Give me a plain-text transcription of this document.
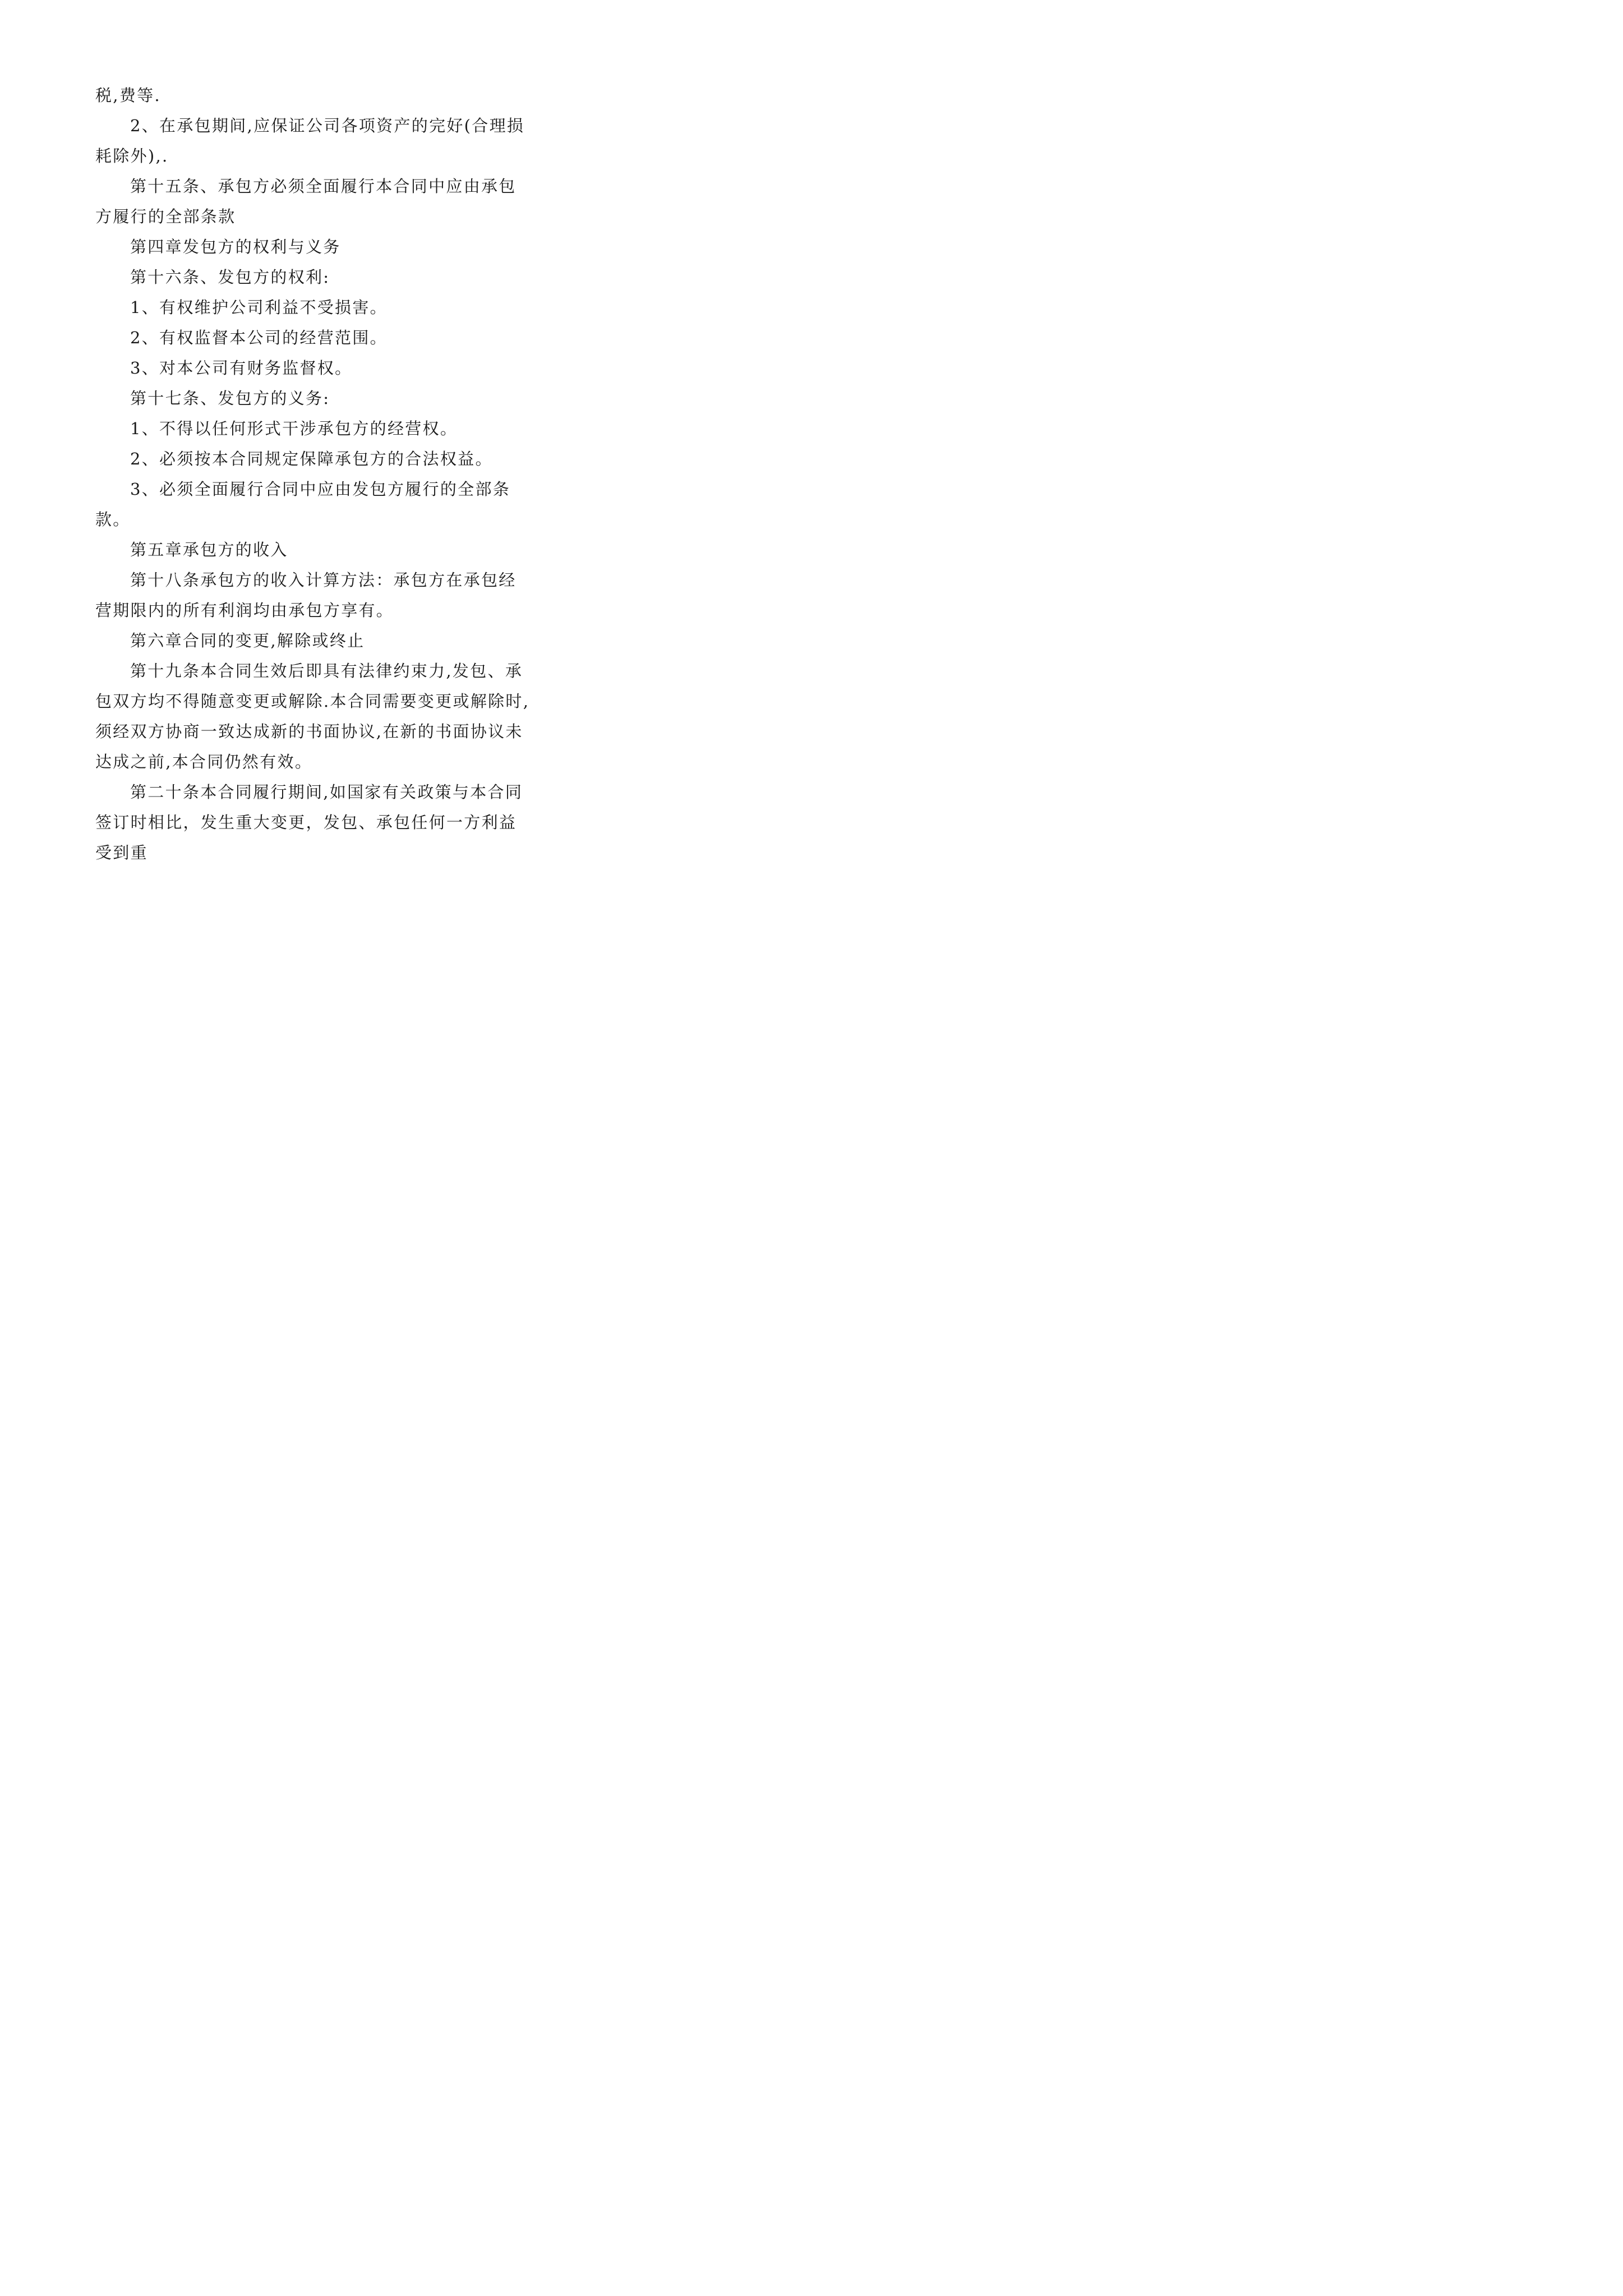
税,费等.

2、在承包期间,应保证公司各项资产的完好(合理损耗除外),.

第十五条、承包方必须全面履行本合同中应由承包方履行的全部条款

第四章发包方的权利与义务

第十六条、发包方的权利:

1、有权维护公司利益不受损害。

2、有权监督本公司的经营范围。

3、对本公司有财务监督权。

第十七条、发包方的义务:

1、不得以任何形式干涉承包方的经营权。

2、必须按本合同规定保障承包方的合法权益。

3、必须全面履行合同中应由发包方履行的全部条款。

第五章承包方的收入

第十八条承包方的收入计算方法：承包方在承包经营期限内的所有利润均由承包方享有。

第六章合同的变更,解除或终止

第十九条本合同生效后即具有法律约束力,发包、承包双方均不得随意变更或解除.本合同需要变更或解除时,须经双方协商一致达成新的书面协议,在新的书面协议未达成之前,本合同仍然有效。

第二十条本合同履行期间,如国家有关政策与本合同签订时相比，发生重大变更，发包、承包任何一方利益受到重
